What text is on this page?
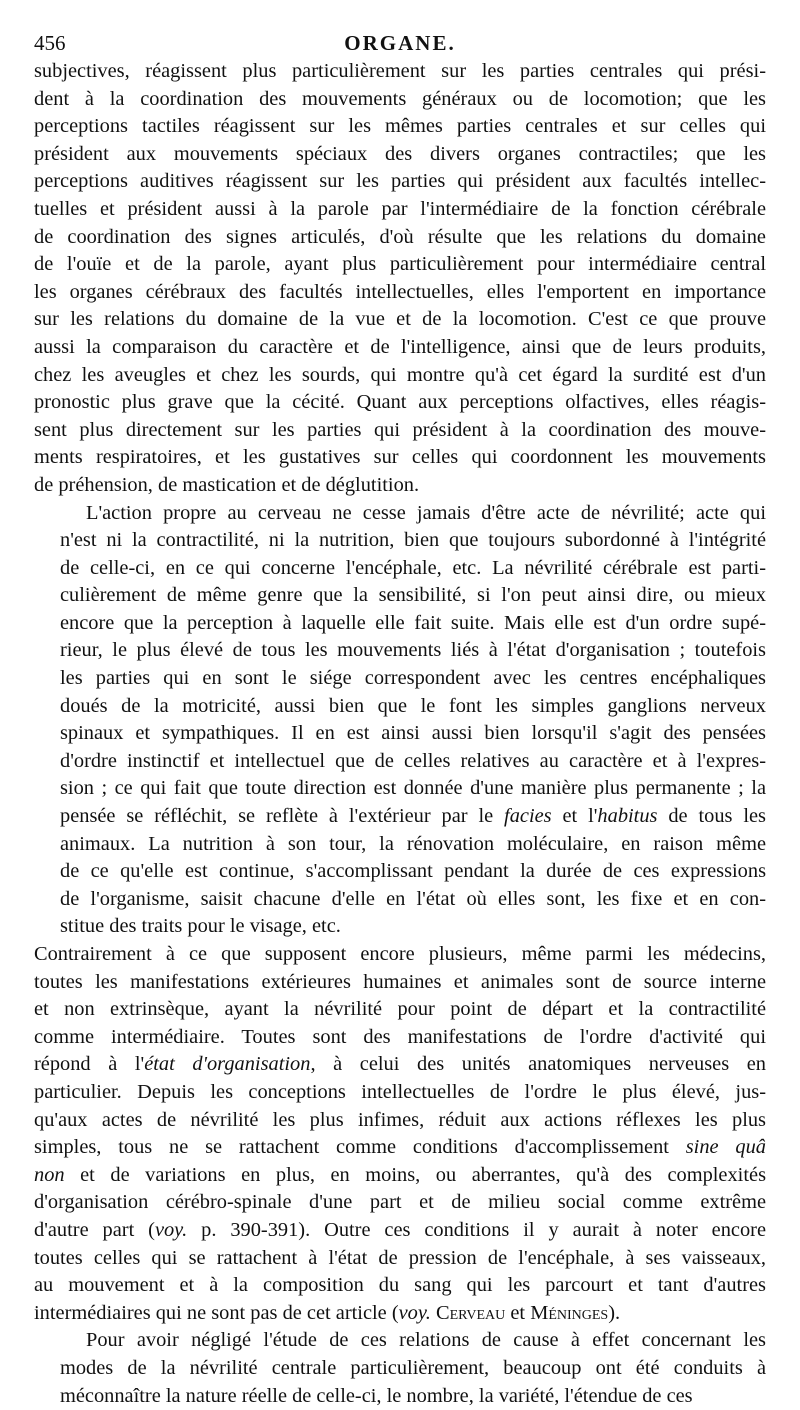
456	ORGANE.
subjectives, réagissent plus particulièrement sur les parties centrales qui prési-
dent à la coordination des mouvements généraux ou de locomotion; que les
perceptions tactiles réagissent sur les mêmes parties centrales et sur celles qui
président aux mouvements spéciaux des divers organes contractiles; que les
perceptions auditives réagissent sur les parties qui président aux facultés intellec-
tuelles et président aussi à la parole par l'intermédiaire de la fonction cérébrale
de coordination des signes articulés, d'où résulte que les relations du domaine
de l'ouïe et de la parole, ayant plus particulièrement pour intermédiaire central
les organes cérébraux des facultés intellectuelles, elles l'emportent en importance
sur les relations du domaine de la vue et de la locomotion. C'est ce que prouve
aussi la comparaison du caractère et de l'intelligence, ainsi que de leurs produits,
chez les aveugles et chez les sourds, qui montre qu'à cet égard la surdité est d'un
pronostic plus grave que la cécité. Quant aux perceptions olfactives, elles réagis-
sent plus directement sur les parties qui président à la coordination des mouve-
ments respiratoires, et les gustatives sur celles qui coordonnent les mouvements
de préhension, de mastication et de déglutition.
L'action propre au cerveau ne cesse jamais d'être acte de névrilité; acte qui
n'est ni la contractilité, ni la nutrition, bien que toujours subordonné à l'intégrité
de celle-ci, en ce qui concerne l'encéphale, etc. La névrilité cérébrale est parti-
culièrement de même genre que la sensibilité, si l'on peut ainsi dire, ou mieux
encore que la perception à laquelle elle fait suite. Mais elle est d'un ordre supé-
rieur, le plus élevé de tous les mouvements liés à l'état d'organisation ; toutefois
les parties qui en sont le siége correspondent avec les centres encéphaliques
doués de la motricité, aussi bien que le font les simples ganglions nerveux
spinaux et sympathiques. Il en est ainsi aussi bien lorsqu'il s'agit des pensées
d'ordre instinctif et intellectuel que de celles relatives au caractère et à l'expres-
sion ; ce qui fait que toute direction est donnée d'une manière plus permanente ; la
pensée se réfléchit, se reflète à l'extérieur par le facies et l'habitus de tous les
animaux. La nutrition à son tour, la rénovation moléculaire, en raison même
de ce qu'elle est continue, s'accomplissant pendant la durée de ces expressions
de l'organisme, saisit chacune d'elle en l'état où elles sont, les fixe et en con-
stitue des traits pour le visage, etc.
Contrairement à ce que supposent encore plusieurs, même parmi les médecins,
toutes les manifestations extérieures humaines et animales sont de source interne
et non extrinsèque, ayant la névrilité pour point de départ et la contractilité
comme intermédiaire. Toutes sont des manifestations de l'ordre d'activité qui
répond à l'état d'organisation, à celui des unités anatomiques nerveuses en
particulier. Depuis les conceptions intellectuelles de l'ordre le plus élevé, jus-
qu'aux actes de névrilité les plus infimes, réduit aux actions réflexes les plus
simples, tous ne se rattachent comme conditions d'accomplissement sine quâ
non et de variations en plus, en moins, ou aberrantes, qu'à des complexités
d'organisation cérébro-spinale d'une part et de milieu social comme extrême
d'autre part (voy. p. 390-391). Outre ces conditions il y aurait à noter encore
toutes celles qui se rattachent à l'état de pression de l'encéphale, à ses vaisseaux,
au mouvement et à la composition du sang qui les parcourt et tant d'autres
intermédiaires qui ne sont pas de cet article (voy. Cerveau et Méninges).
Pour avoir négligé l'étude de ces relations de cause à effet concernant les
modes de la névrilité centrale particulièrement, beaucoup ont été conduits à
méconnaître la nature réelle de celle-ci, le nombre, la variété, l'étendue de ces
